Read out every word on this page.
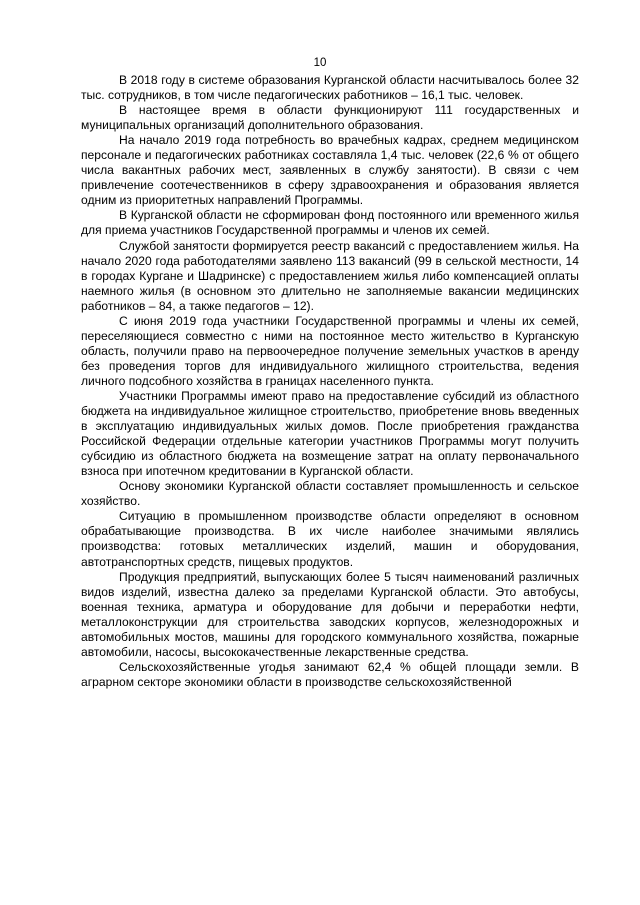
10

В 2018 году в системе образования Курганской области насчитывалось более 32 тыс. сотрудников, в том числе педагогических работников – 16,1 тыс. человек.

В настоящее время в области функционируют 111 государственных и муниципальных организаций дополнительного образования.

На начало 2019 года потребность во врачебных кадрах, среднем медицинском персонале и педагогических работниках составляла 1,4 тыс. человек (22,6 % от общего числа вакантных рабочих мест, заявленных в службу занятости). В связи с чем привлечение соотечественников в сферу здравоохранения и образования является одним из приоритетных направлений Программы.

В Курганской области не сформирован фонд постоянного или временного жилья для приема участников Государственной программы и членов их семей.

Службой занятости формируется реестр вакансий с предоставлением жилья. На начало 2020 года работодателями заявлено 113 вакансий (99 в сельской местности, 14 в городах Кургане и Шадринске) с предоставлением жилья либо компенсацией оплаты наемного жилья (в основном это длительно не заполняемые вакансии медицинских работников – 84, а также педагогов – 12).

С июня 2019 года участники Государственной программы и члены их семей, переселяющиеся совместно с ними на постоянное место жительство в Курганскую область, получили право на первоочередное получение земельных участков в аренду без проведения торгов для индивидуального жилищного строительства, ведения личного подсобного хозяйства в границах населенного пункта.

Участники Программы имеют право на предоставление субсидий из областного бюджета на индивидуальное жилищное строительство, приобретение вновь введенных в эксплуатацию индивидуальных жилых домов. После приобретения гражданства Российской Федерации отдельные категории участников Программы могут получить субсидию из областного бюджета на возмещение затрат на оплату первоначального взноса при ипотечном кредитовании в Курганской области.

Основу экономики Курганской области составляет промышленность и сельское хозяйство.

Ситуацию в промышленном производстве области определяют в основном обрабатывающие производства. В их числе наиболее значимыми являлись производства: готовых металлических изделий, машин и оборудования, автотранспортных средств, пищевых продуктов.

Продукция предприятий, выпускающих более 5 тысяч наименований различных видов изделий, известна далеко за пределами Курганской области. Это автобусы, военная техника, арматура и оборудование для добычи и переработки нефти, металлоконструкции для строительства заводских корпусов, железнодорожных и автомобильных мостов, машины для городского коммунального хозяйства, пожарные автомобили, насосы, высококачественные лекарственные средства.

Сельскохозяйственные угодья занимают 62,4 % общей площади земли. В аграрном секторе экономики области в производстве сельскохозяйственной
